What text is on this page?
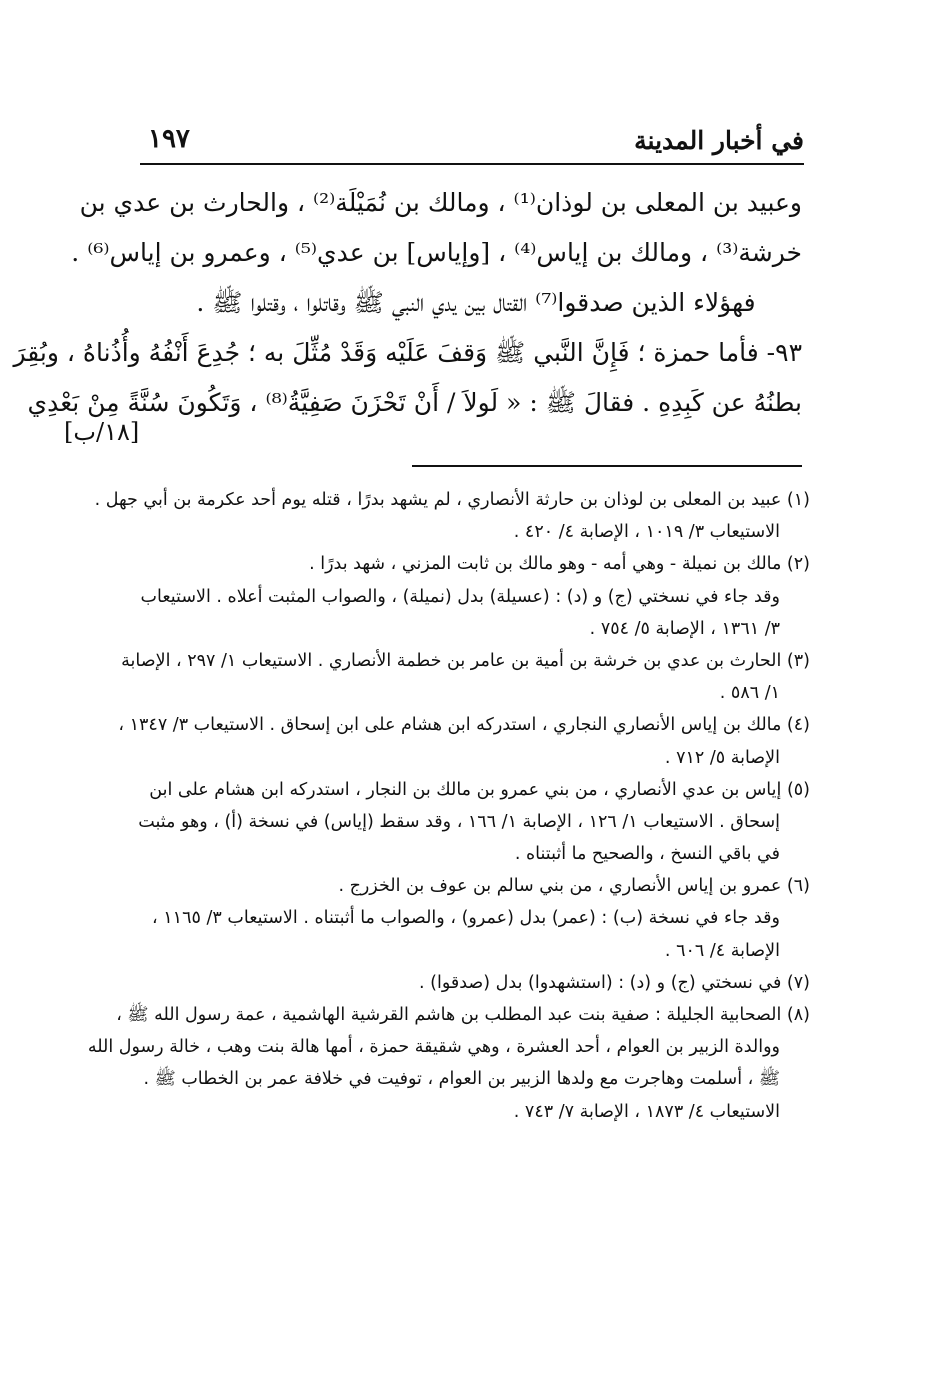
في أخبار المدينة
١٩٧
وعبيد بن المعلى بن لوذان⁽¹⁾ ، ومالك بن نُمَيْلَة⁽²⁾ ، والحارث بن عدي بن
خرشة⁽³⁾ ، ومالك بن إياس⁽⁴⁾ ، [وإياس] بن عدي⁽⁵⁾ ، وعمرو بن إياس⁽⁶⁾ .
فهؤلاء الذين صدقوا⁽⁷⁾ القتال بين يدي النبي ﷺ وقاتلوا ، وقتلوا ﷺ .
٩٣- فأما حمزة ؛ فَإِنَّ النَّبي ﷺ وَقفَ عَلَيْه وَقَدْ مُثِّلَ به ؛ جُدِعَ أَنْفُهُ وأُذُناهُ ، وبُقِرَ
بطنُهُ عن كَبِدِهِ . فقالَ ﷺ : « لَولاَ / أَنْ تَحْزَنَ صَفِيَّةُ⁽⁸⁾ ، وَتَكُونَ سُنَّةً مِنْ بَعْدِي
[١٨/ب]
(١) عبيد بن المعلى بن لوذان بن حارثة الأنصاري ، لم يشهد بدرًا ، قتله يوم أحد عكرمة بن أبي جهل .
الاستيعاب ٣/ ١٠١٩ ، الإصابة ٤/ ٤٢٠ .
(٢) مالك بن نميلة - وهي أمه - وهو مالك بن ثابت المزني ، شهد بدرًا .
وقد جاء في نسختي (ج) و (د) : (عسيلة) بدل (نميلة) ، والصواب المثبت أعلاه . الاستيعاب
٣/ ١٣٦١ ، الإصابة ٥/ ٧٥٤ .
(٣) الحارث بن عدي بن خرشة بن أمية بن عامر بن خطمة الأنصاري . الاستيعاب ١/ ٢٩٧ ، الإصابة
١/ ٥٨٦ .
(٤) مالك بن إياس الأنصاري النجاري ، استدركه ابن هشام على ابن إسحاق . الاستيعاب ٣/ ١٣٤٧ ،
الإصابة ٥/ ٧١٢ .
(٥) إياس بن عدي الأنصاري ، من بني عمرو بن مالك بن النجار ، استدركه ابن هشام على ابن
إسحاق . الاستيعاب ١/ ١٢٦ ، الإصابة ١/ ١٦٦ ، وقد سقط (إياس) في نسخة (أ) ، وهو مثبت
في باقي النسخ ، والصحيح ما أثبتناه .
(٦) عمرو بن إياس الأنصاري ، من بني سالم بن عوف بن الخزرج .
وقد جاء في نسخة (ب) : (عمر) بدل (عمرو) ، والصواب ما أثبتناه . الاستيعاب ٣/ ١١٦٥ ،
الإصابة ٤/ ٦٠٦ .
(٧) في نسختي (ج) و (د) : (استشهدوا) بدل (صدقوا) .
(٨) الصحابية الجليلة : صفية بنت عبد المطلب بن هاشم القرشية الهاشمية ، عمة رسول الله ﷺ ،
ووالدة الزبير بن العوام ، أحد العشرة ، وهي شقيقة حمزة ، أمها هالة بنت وهب ، خالة رسول الله
ﷺ ، أسلمت وهاجرت مع ولدها الزبير بن العوام ، توفيت في خلافة عمر بن الخطاب ﷺ .
الاستيعاب ٤/ ١٨٧٣ ، الإصابة ٧/ ٧٤٣ .
